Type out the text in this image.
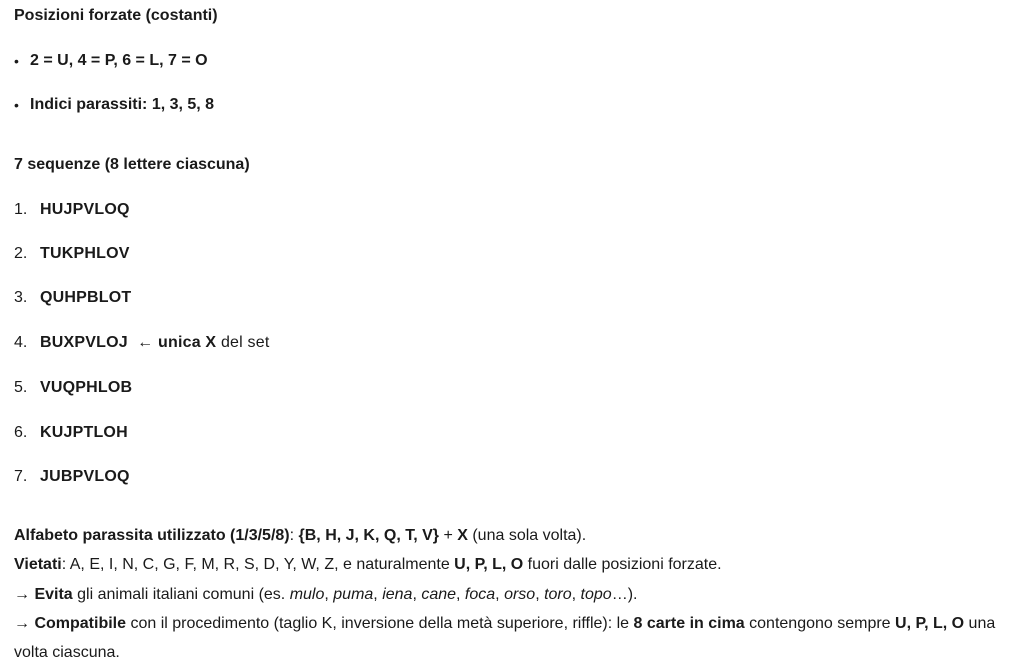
Posizioni forzate (costanti)
• 2 = U, 4 = P, 6 = L, 7 = O
• Indici parassiti: 1, 3, 5, 8
7 sequenze (8 lettere ciascuna)
1. HUJPVLOQ
2. TUKPHLOV
3. QUHPBLOT
4. BUXPVLOJ ← unica X del set
5. VUQPHLOB
6. KUJPTLOH
7. JUBPVLOQ
Alfabeto parassita utilizzato (1/3/5/8): {B, H, J, K, Q, T, V} + X (una sola volta).
Vietati: A, E, I, N, C, G, F, M, R, S, D, Y, W, Z, e naturalmente U, P, L, O fuori dalle posizioni forzate.
→ Evita gli animali italiani comuni (es. mulo, puma, iena, cane, foca, orso, toro, topo…).
→ Compatibile con il procedimento (taglio K, inversione della metà superiore, riffle): le 8 carte in cima contengono sempre U, P, L, O una volta ciascuna.
